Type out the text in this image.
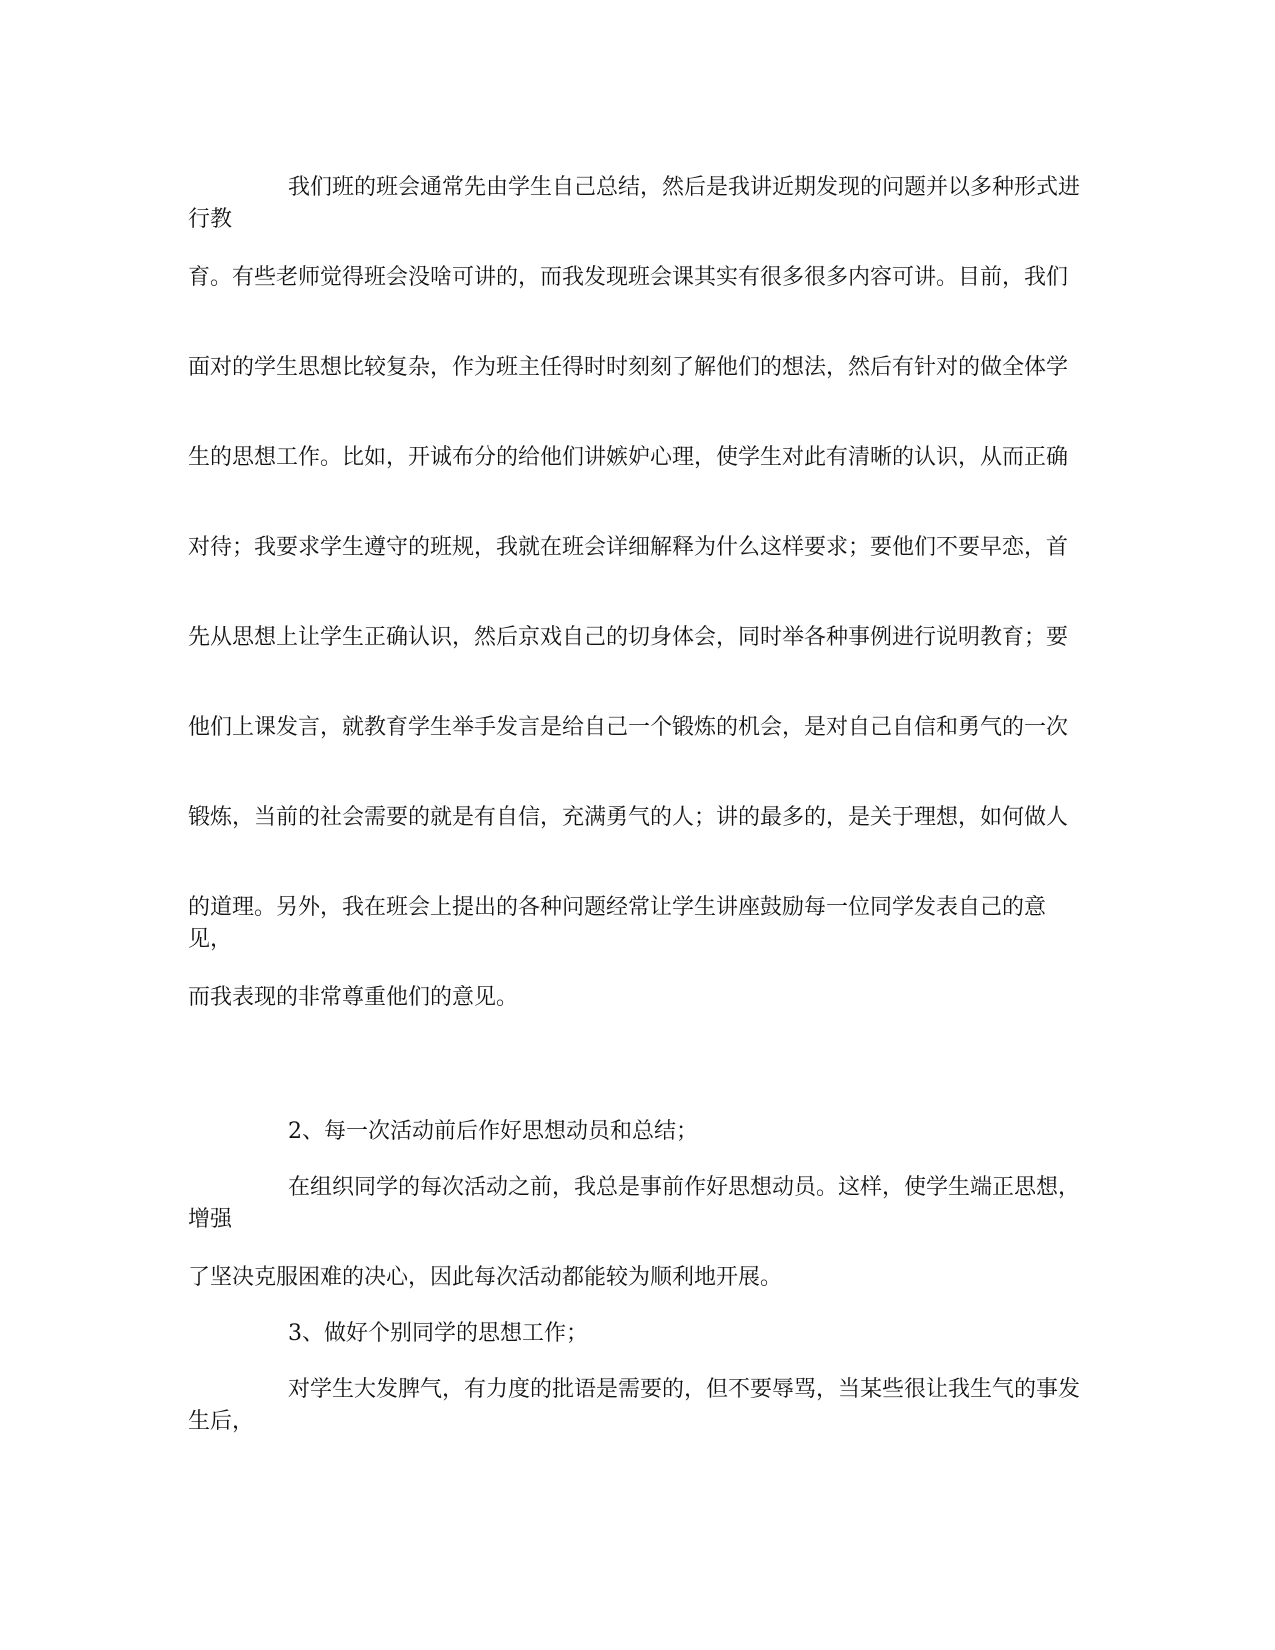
我们班的班会通常先由学生自己总结，然后是我讲近期发现的问题并以多种形式进行教

育。有些老师觉得班会没啥可讲的，而我发现班会课其实有很多很多内容可讲。目前，我们

面对的学生思想比较复杂，作为班主任得时时刻刻了解他们的想法，然后有针对的做全体学

生的思想工作。比如，开诚布分的给他们讲嫉妒心理，使学生对此有清晰的认识，从而正确

对待；我要求学生遵守的班规，我就在班会详细解释为什么这样要求；要他们不要早恋，首

先从思想上让学生正确认识，然后京戏自己的切身体会，同时举各种事例进行说明教育；要

他们上课发言，就教育学生举手发言是给自己一个锻炼的机会，是对自己自信和勇气的一次

锻炼，当前的社会需要的就是有自信，充满勇气的人；讲的最多的，是关于理想，如何做人

的道理。另外，我在班会上提出的各种问题经常让学生讲座鼓励每一位同学发表自己的意见，

而我表现的非常尊重他们的意见。

2、每一次活动前后作好思想动员和总结；

在组织同学的每次活动之前，我总是事前作好思想动员。这样，使学生端正思想，增强

了坚决克服困难的决心，因此每次活动都能较为顺利地开展。

3、做好个别同学的思想工作；

对学生大发脾气，有力度的批语是需要的，但不要辱骂，当某些很让我生气的事发生后，
